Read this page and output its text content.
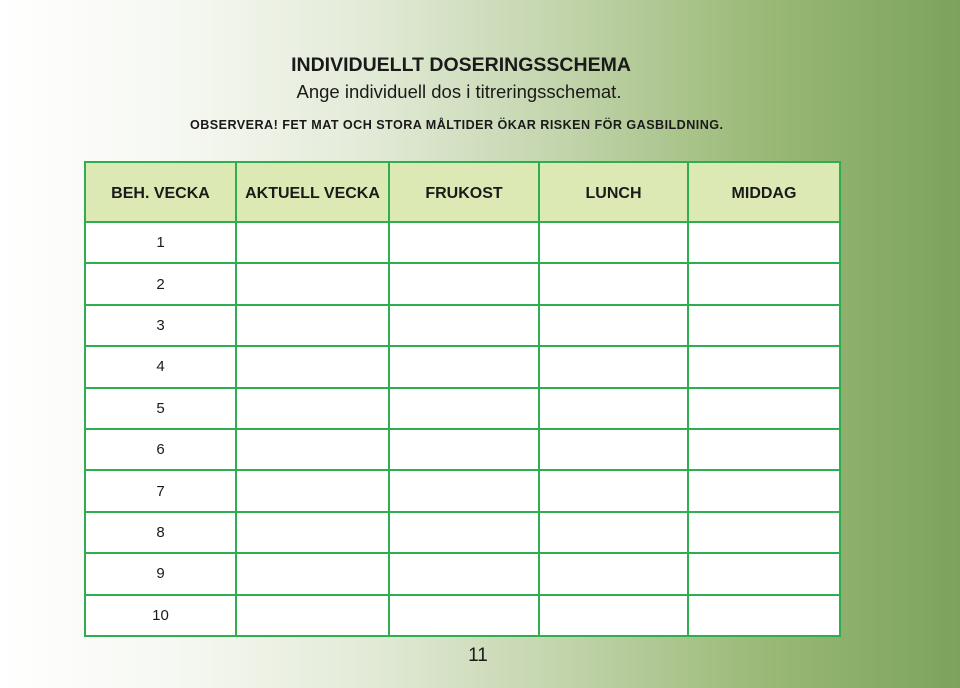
INDIVIDUELLT DOSERINGSSCHEMA
Ange individuell dos i titreringsschemat.
OBSERVERA! FET MAT OCH STORA MÅLTIDER ÖKAR RISKEN FÖR GASBILDNING.
BEH. VECKA	AKTUELL VECKA	FRUKOST	LUNCH	MIDDAG
1				
2				
3				
4				
5				
6				
7				
8				
9				
10				
11
